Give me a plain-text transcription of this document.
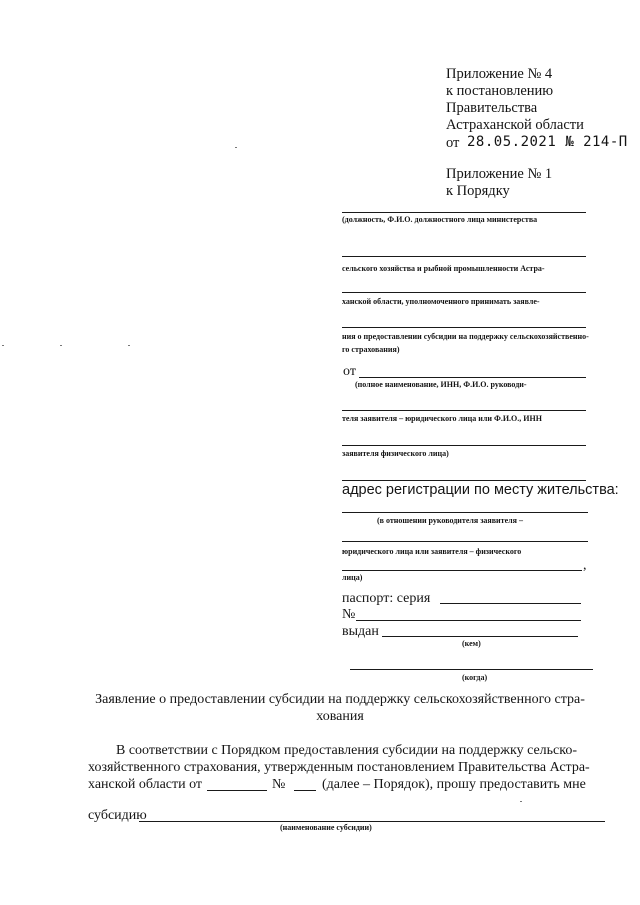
Приложение № 4
к постановлению
Правительства
Астраханской области
от 28.05.2021 № 214-П
Приложение № 1
к Порядку
(должность, Ф.И.О. должностного лица министерства
сельского хозяйства и рыбной промышленности Астра-
ханской области, уполномоченного принимать заявле-
ния о предоставлении субсидии на поддержку сельскохозяйственно-
го страхования)
от
(полное наименование, ИНН, Ф.И.О. руководи-
теля заявителя – юридического лица или Ф.И.О., ИНН
заявителя физического лица)
адрес регистрации по месту жительства:
(в отношении руководителя заявителя –
юридического лица или заявителя – физического
,
лица)
паспорт: серия
№
выдан
(кем)
(когда)
Заявление о предоставлении субсидии на поддержку сельскохозяйственного стра-
хования
В соответствии с Порядком предоставления субсидии на поддержку сельско-
хозяйственного страхования, утвержденным постановлением Правительства Астра-
ханской области от	№	(далее – Порядок), прошу предоставить мне
субсидию
(наименование субсидии)
